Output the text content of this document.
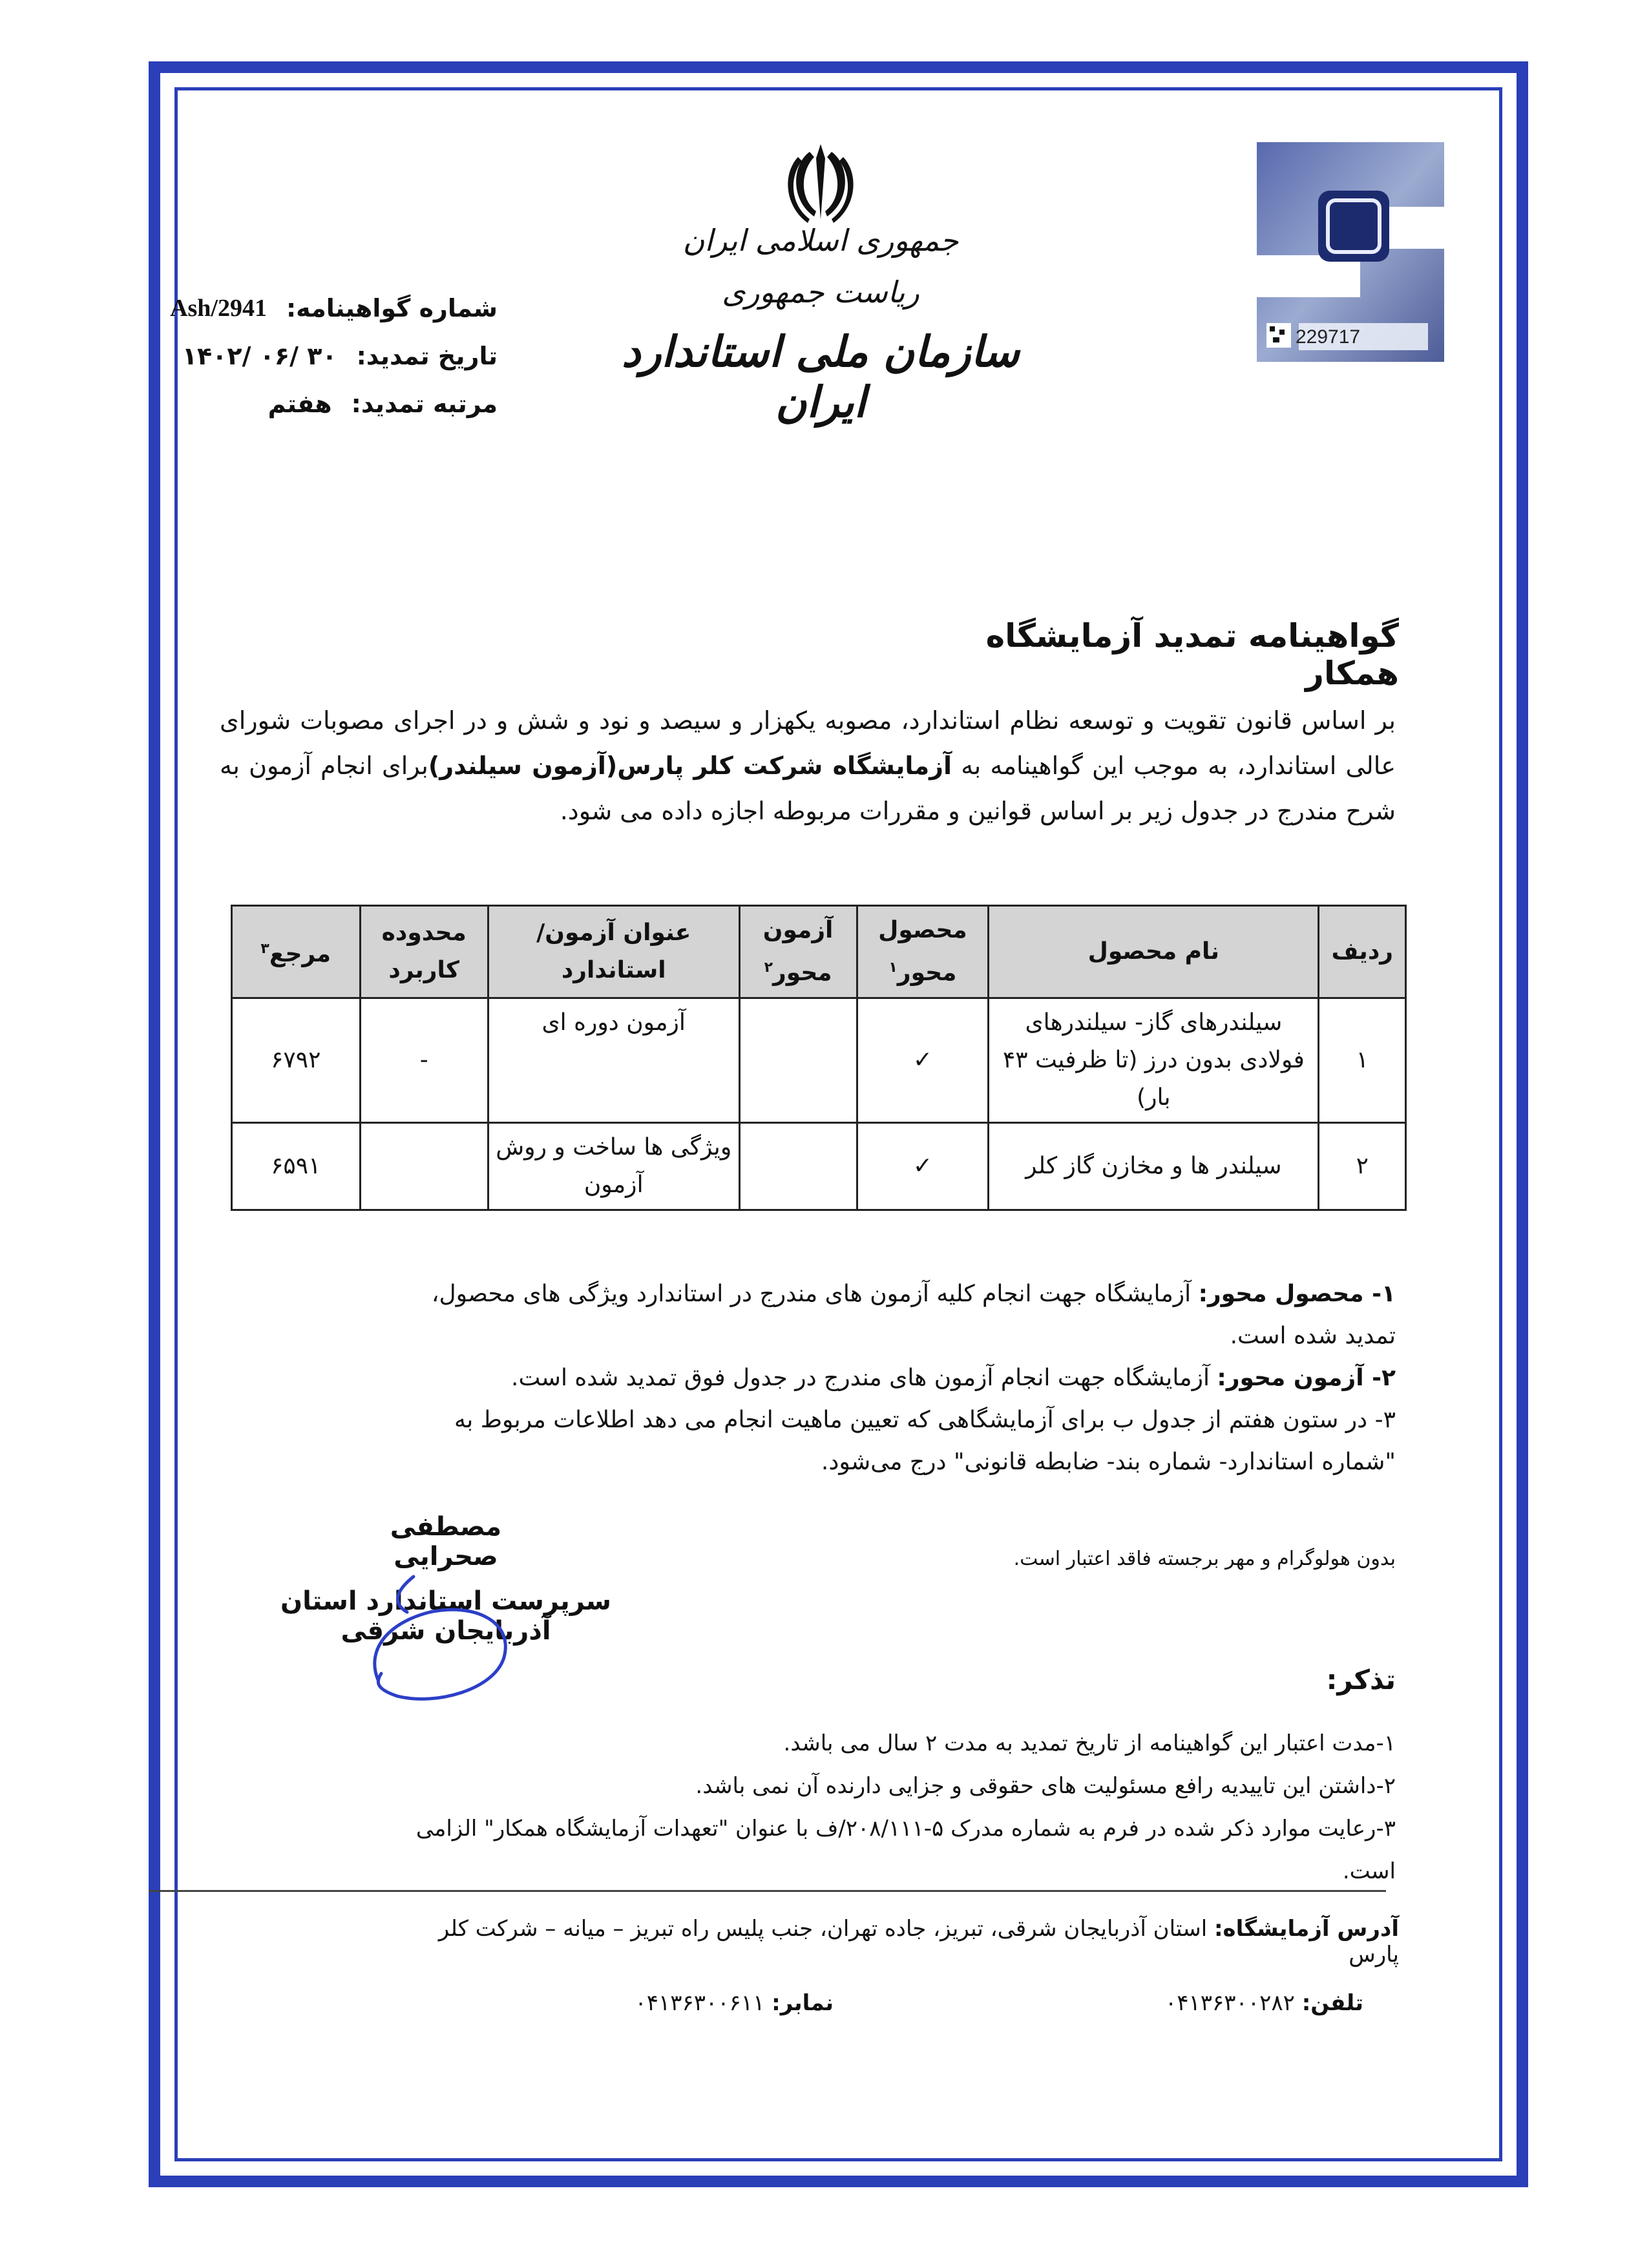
جمهوری اسلامی ایران
ریاست جمهوری
سازمان ملی استاندارد ایران
شماره گواهینامه:
Ash/2941
تاریخ تمدید:
۱۴۰۲/ ۰۶/ ۳۰
مرتبه تمدید:
هفتم
229717
گواهینامه تمدید آزمایشگاه همکار
بر اساس قانون تقویت و توسعه نظام استاندارد، مصوبه یکهزار و سیصد و نود و شش و در اجرای مصوبات شورای عالی استاندارد، به موجب این گواهینامه به آزمایشگاه شرکت کلر پارس(آزمون سیلندر)برای انجام آزمون به شرح مندرج در جدول زیر بر اساس قوانین و مقررات مربوطه اجازه داده می شود.
ردیف	نام محصول	محصول محور$^۱$	آزمون محور$^۲$	عنوان آزمون/استاندارد	محدوده کاربرد	مرجع$^۳$
۱	سیلندرهای گاز- سیلندرهای فولادی بدون درز (تا ظرفیت ۴۳ بار)	✓		آزمون دوره ای	-	۶۷۹۲
۲	سیلندر ها و مخازن گاز کلر	✓		ویژگی ها ساخت و روش آزمون		۶۵۹۱

۱- محصول محور: آزمایشگاه جهت انجام کلیه آزمون های مندرج در استاندارد ویژگی های محصول، تمدید شده است.

۲- آزمون محور: آزمایشگاه جهت انجام آزمون های مندرج در جدول فوق تمدید شده است.

۳- در ستون هفتم از جدول ب برای آزمایشگاهی که تعیین ماهیت انجام می دهد اطلاعات مربوط به "شماره استاندارد- شماره بند- ضابطه قانونی" درج می‌شود.

مصطفی صحرایی
سرپرست استاندارد استان آذربایجان شرقی
بدون هولوگرام و مهر برجسته فاقد اعتبار است.
تذکر:

۱-مدت اعتبار این گواهینامه از تاریخ تمدید به مدت ۲ سال می باشد.

۲-داشتن این تاییدیه رافع مسئولیت های حقوقی و جزایی دارنده آن نمی باشد.

۳-رعایت موارد ذکر شده در فرم به شماره مدرک ۵-۲۰۸/۱۱۱/ف با عنوان "تعهدات آزمایشگاه همکار" الزامی است.

آدرس آزمایشگاه: استان آذربایجان شرقی، تبریز، جاده تهران، جنب پلیس راه تبریز – میانه – شرکت کلر پارس
تلفن: ۰۴۱۳۶۳۰۰۲۸۲
نمابر: ۰۴۱۳۶۳۰۰۶۱۱
